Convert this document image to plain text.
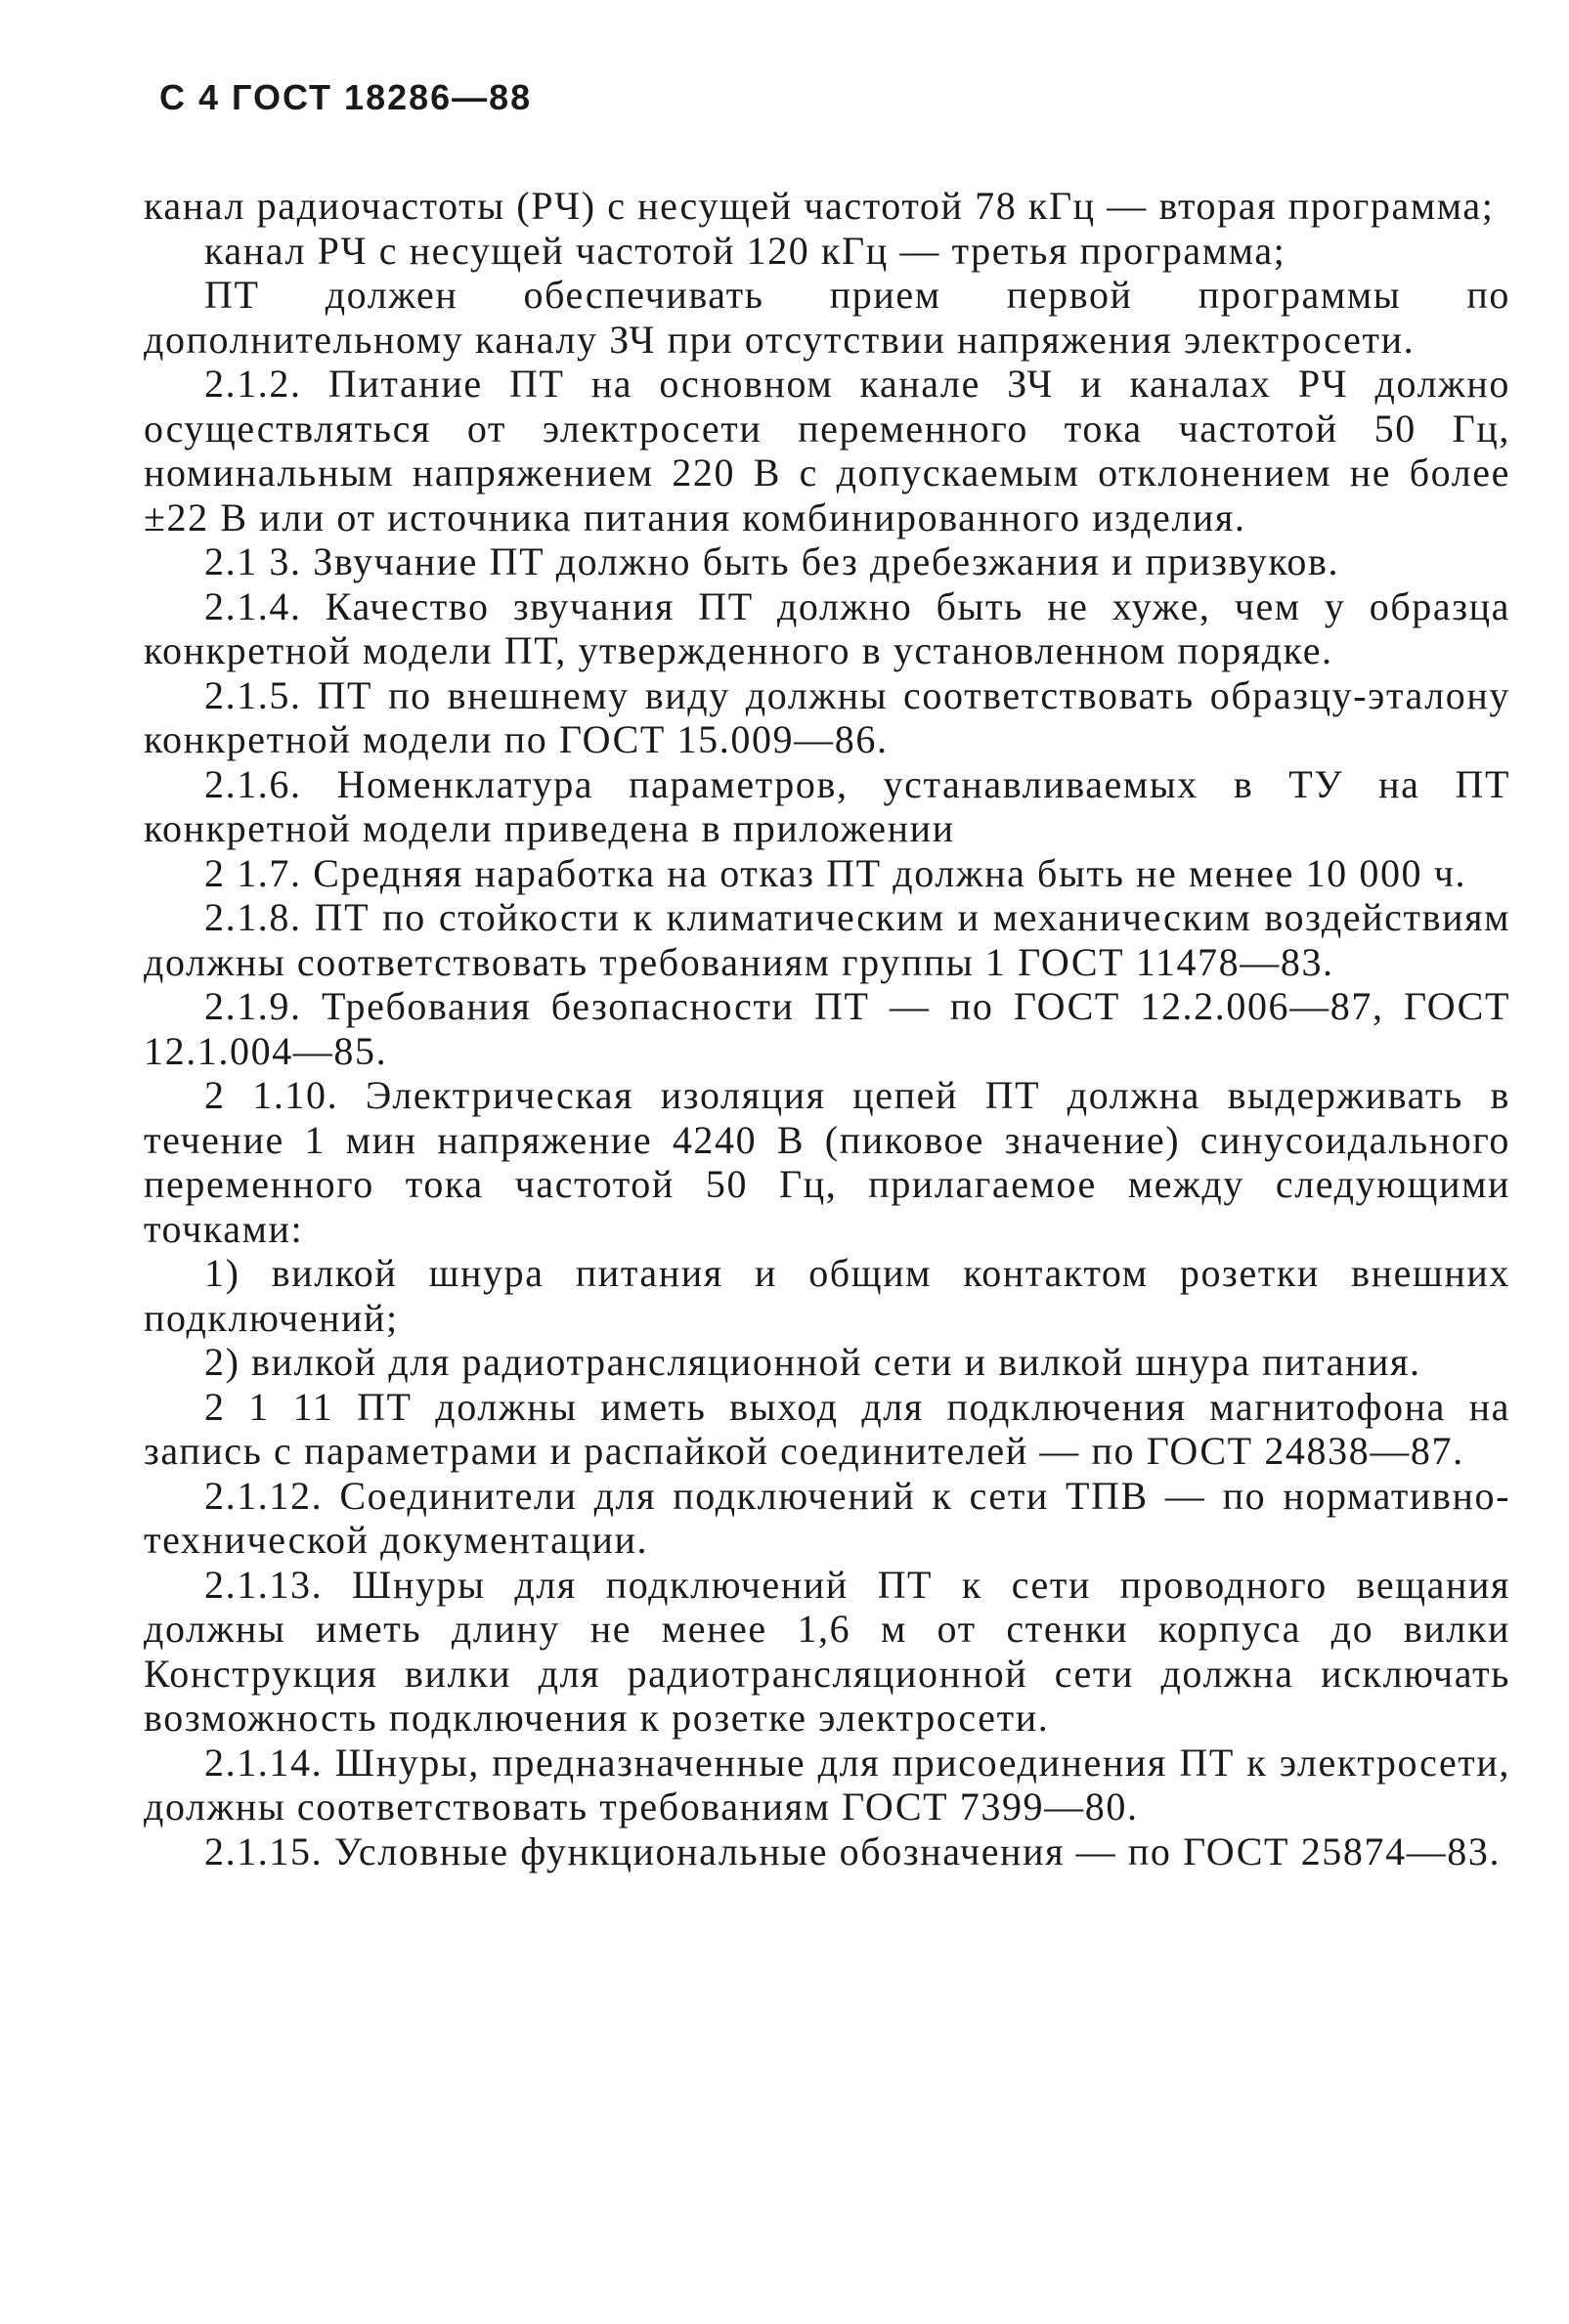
С 4 ГОСТ 18286—88

канал радиочастоты (РЧ) с несущей частотой 78 кГц — вторая программа;

канал РЧ с несущей частотой 120 кГц — третья программа;

ПТ должен обеспечивать прием первой программы по дополнительному каналу ЗЧ при отсутствии напряжения электросети.

2.1.2. Питание ПТ на основном канале ЗЧ и каналах РЧ должно осуществляться от электросети переменного тока частотой 50 Гц, номинальным напряжением 220 В с допускаемым отклонением не более ±22 В или от источника питания комбинированного изделия.

2.1 3. Звучание ПТ должно быть без дребезжания и призвуков.

2.1.4. Качество звучания ПТ должно быть не хуже, чем у образца конкретной модели ПТ, утвержденного в установленном порядке.

2.1.5. ПТ по внешнему виду должны соответствовать образцу-эталону конкретной модели по ГОСТ 15.009—86.

2.1.6. Номенклатура параметров, устанавливаемых в ТУ на ПТ конкретной модели приведена в приложении

2 1.7. Средняя наработка на отказ ПТ должна быть не менее 10 000 ч.

2.1.8. ПТ по стойкости к климатическим и механическим воздействиям должны соответствовать требованиям группы 1 ГОСТ 11478—83.

2.1.9. Требования безопасности ПТ — по ГОСТ 12.2.006—87, ГОСТ 12.1.004—85.

2 1.10. Электрическая изоляция цепей ПТ должна выдерживать в течение 1 мин напряжение 4240 В (пиковое значение) синусоидального переменного тока частотой 50 Гц, прилагаемое между следующими точками:

1) вилкой шнура питания и общим контактом розетки внешних подключений;

2) вилкой для радиотрансляционной сети и вилкой шнура питания.

2 1 11 ПТ должны иметь выход для подключения магнитофона на запись с параметрами и распайкой соединителей — по ГОСТ 24838—87.

2.1.12. Соединители для подключений к сети ТПВ — по нормативно-технической документации.

2.1.13. Шнуры для подключений ПТ к сети проводного вещания должны иметь длину не менее 1,6 м от стенки корпуса до вилки Конструкция вилки для радиотрансляционной сети должна исключать возможность подключения к розетке электросети.

2.1.14. Шнуры, предназначенные для присоединения ПТ к электросети, должны соответствовать требованиям ГОСТ 7399—80.

2.1.15. Условные функциональные обозначения — по ГОСТ 25874—83.
